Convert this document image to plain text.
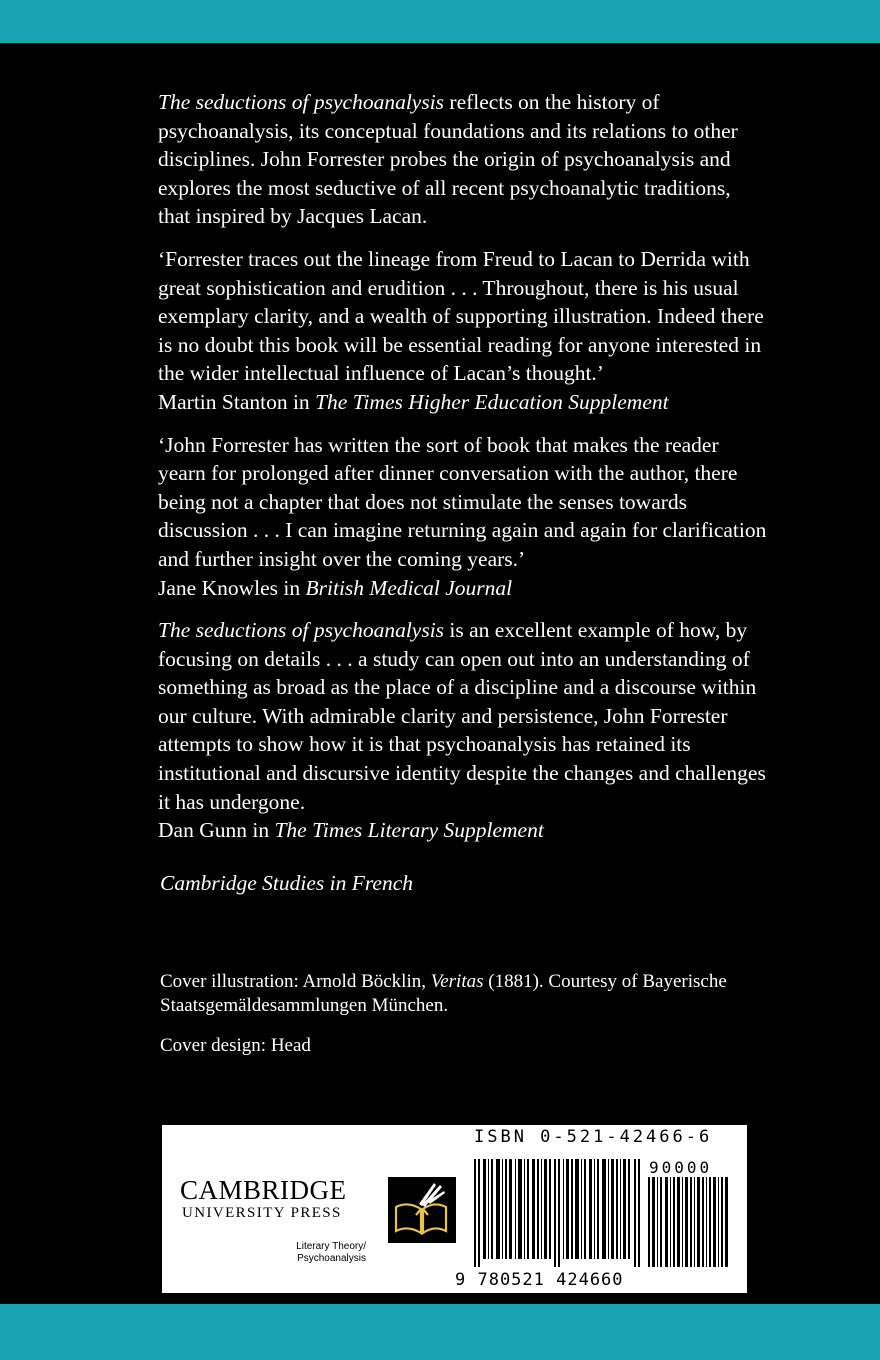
The seductions of psychoanalysis reflects on the history of psychoanalysis, its conceptual foundations and its relations to other disciplines. John Forrester probes the origin of psychoanalysis and explores the most seductive of all recent psychoanalytic traditions, that inspired by Jacques Lacan.

‘Forrester traces out the lineage from Freud to Lacan to Derrida with great sophistication and erudition . . . Throughout, there is his usual exemplary clarity, and a wealth of supporting illustration. Indeed there is no doubt this book will be essential reading for anyone interested in the wider intellectual influence of Lacan’s thought.’

Martin Stanton in The Times Higher Education Supplement

‘John Forrester has written the sort of book that makes the reader yearn for prolonged after dinner conversation with the author, there being not a chapter that does not stimulate the senses towards discussion . . . I can imagine returning again and again for clarification and further insight over the coming years.’

Jane Knowles in British Medical Journal

The seductions of psychoanalysis is an excellent example of how, by focusing on details . . . a study can open out into an understanding of something as broad as the place of a discipline and a discourse within our culture. With admirable clarity and persistence, John Forrester attempts to show how it is that psychoanalysis has retained its institutional and discursive identity despite the changes and challenges it has undergone.

Dan Gunn in The Times Literary Supplement

Cambridge Studies in French

Cover illustration: Arnold Böcklin, Veritas (1881). Courtesy of Bayerische Staatsgemäldesammlungen München.

Cover design: Head

CAMBRIDGE
UNIVERSITY PRESS
Literary Theory/
Psychoanalysis
ISBN 0-521-42466-6
90000
9 780521 424660
